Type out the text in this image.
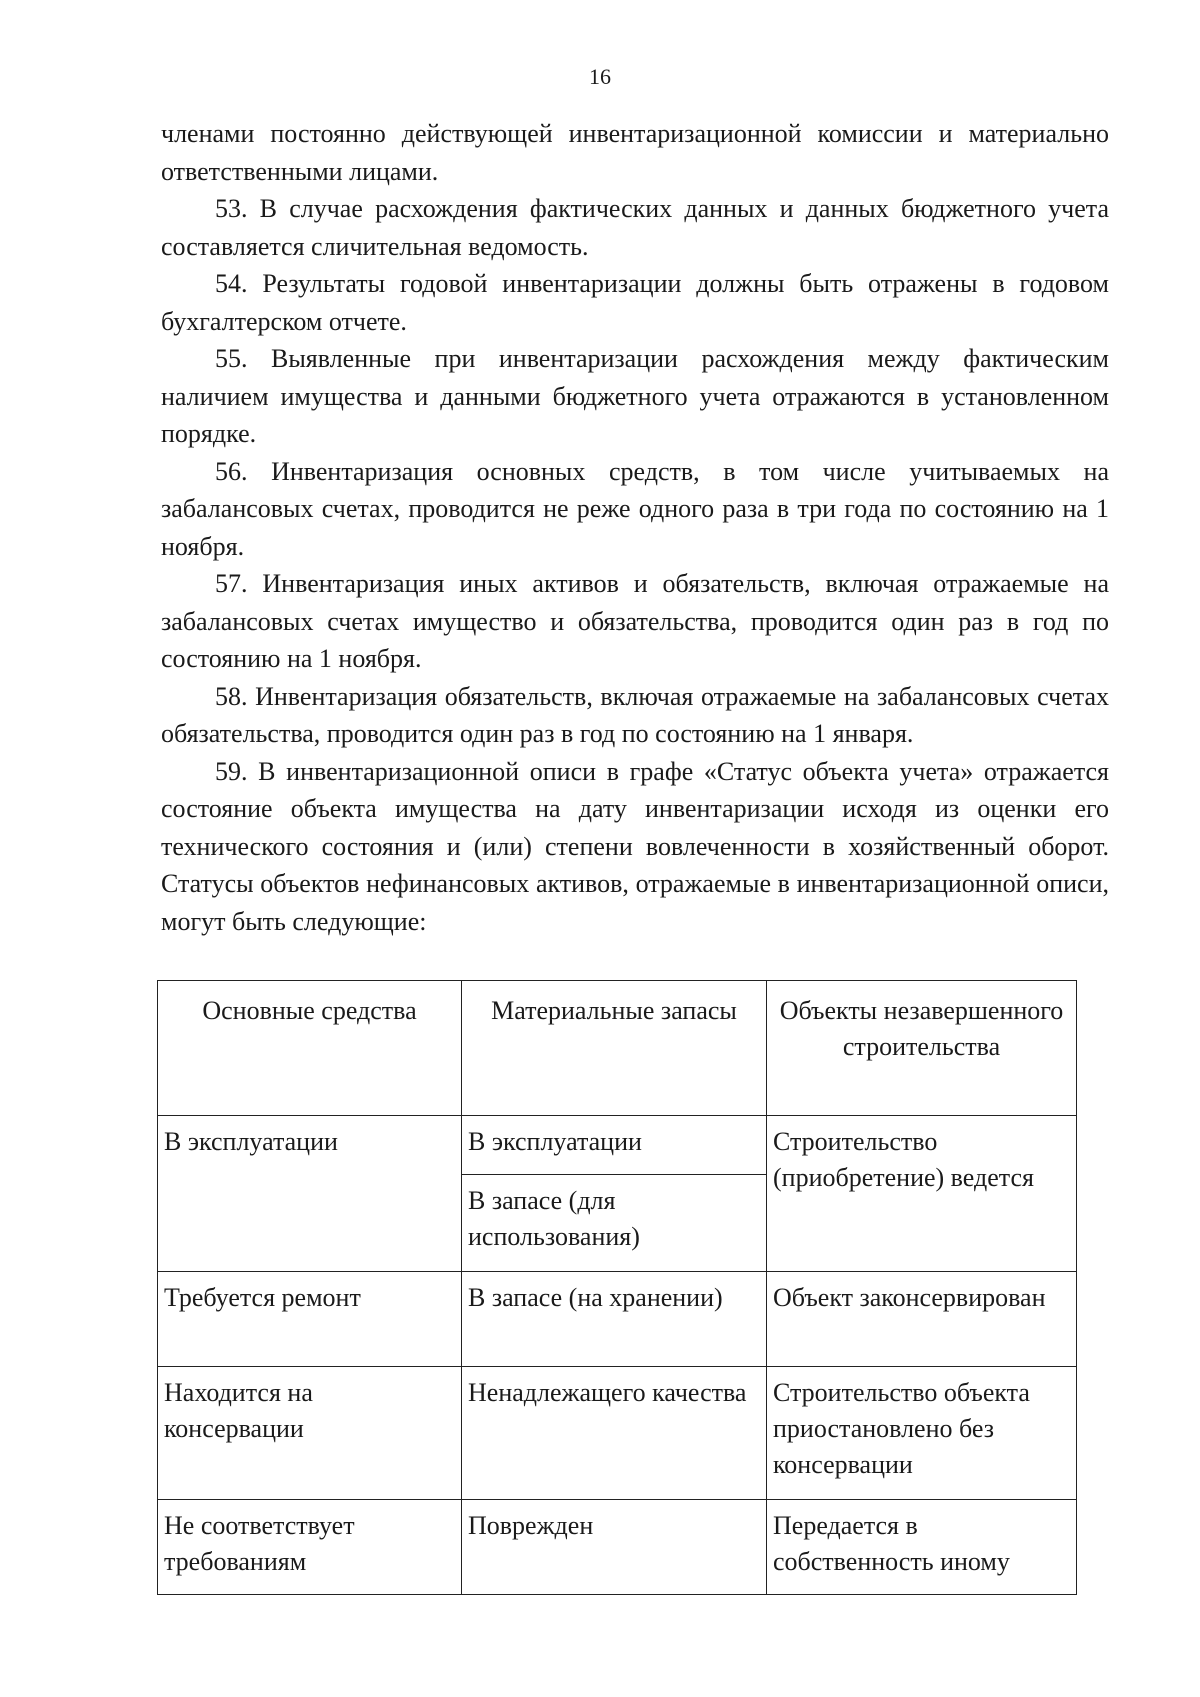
16

членами постоянно действующей инвентаризационной комиссии и материально ответственными лицами.

53. В случае расхождения фактических данных и данных бюджетного учета составляется сличительная ведомость.

54. Результаты годовой инвентаризации должны быть отражены в годовом бухгалтерском отчете.

55. Выявленные при инвентаризации расхождения между фактическим наличием имущества и данными бюджетного учета отражаются в установленном порядке.

56. Инвентаризация основных средств, в том числе учитываемых на забалансовых счетах, проводится не реже одного раза в три года по состоянию на 1 ноября.

57. Инвентаризация иных активов и обязательств, включая отражаемые на забалансовых счетах имущество и обязательства, проводится один раз в год по состоянию на 1 ноября.

58. Инвентаризация обязательств, включая отражаемые на забалансовых счетах обязательства, проводится один раз в год по состоянию на 1 января.

59. В инвентаризационной описи в графе «Статус объекта учета» отражается состояние объекта имущества на дату инвентаризации исходя из оценки его технического состояния и (или) степени вовлеченности в хозяйственный оборот. Статусы объектов нефинансовых активов, отражаемые в инвентаризационной описи, могут быть следующие:

Основные средства	Материальные запасы	Объекты незавершенного строительства
В эксплуатации	В эксплуатации	Строительство (приобретение) ведется
	В запасе (для использования)	
Требуется ремонт	В запасе (на хранении)	Объект законсервирован
Находится на консервации	Ненадлежащего качества	Строительство объекта приостановлено без консервации
Не соответствует требованиям	Поврежден	Передается в собственность иному
